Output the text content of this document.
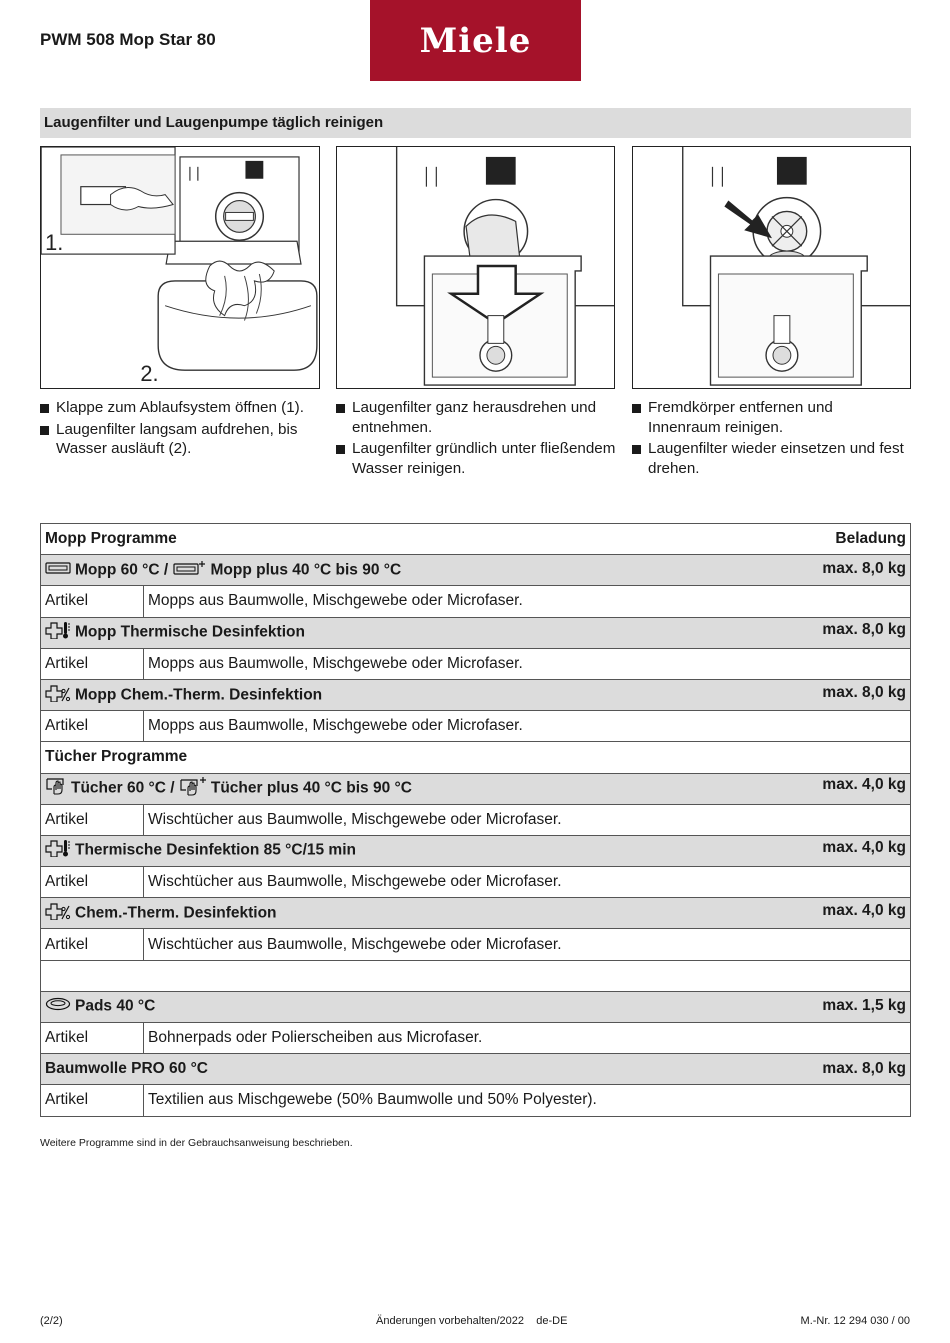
PWM 508 Mop Star 80	Miele
Laugenfilter und Laugenpumpe täglich reinigen
1.
2.
Klappe zum Ablaufsystem öffnen (1).
Laugenfilter langsam aufdrehen, bis Wasser ausläuft (2).
Laugenfilter ganz herausdrehen und entnehmen.
Laugenfilter gründlich unter fließendem Wasser reinigen.
Fremdkörper entfernen und Innenraum reinigen.
Laugenfilter wieder einsetzen und fest drehen.
Mopp Programme Beladung	

Mopp 60 °C / Mopp plus 40 °C bis 90 °C max. 8,0 kg	

Artikel	Mopps aus Baumwolle, Mischgewebe oder Microfaser.
Mopp Thermische Desinfektion max. 8,0 kg	

Artikel	Mopps aus Baumwolle, Mischgewebe oder Microfaser.
Mopp Chem.-Therm. Desinfektion max. 8,0 kg	

Artikel	Mopps aus Baumwolle, Mischgewebe oder Microfaser.
Tücher Programme	
Tücher 60 °C / Tücher plus 40 °C bis 90 °C max. 4,0 kg	

Artikel	Wischtücher aus Baumwolle, Mischgewebe oder Microfaser.
Thermische Desinfektion 85 °C/15 min max. 4,0 kg	

Artikel	Wischtücher aus Baumwolle, Mischgewebe oder Microfaser.
Chem.-Therm. Desinfektion max. 4,0 kg	

Artikel	Wischtücher aus Baumwolle, Mischgewebe oder Microfaser.

Pads 40 °C max. 1,5 kg	

Artikel	Bohnerpads oder Polierscheiben aus Microfaser.
Baumwolle PRO 60 °C max. 8,0 kg	

Artikel	Textilien aus Mischgewebe (50% Baumwolle und 50% Polyester).
Weitere Programme sind in der Gebrauchsanweisung beschrieben.
(2/2)	Änderungen vorbehalten/2022    de-DE	M.-Nr. 12 294 030 / 00
